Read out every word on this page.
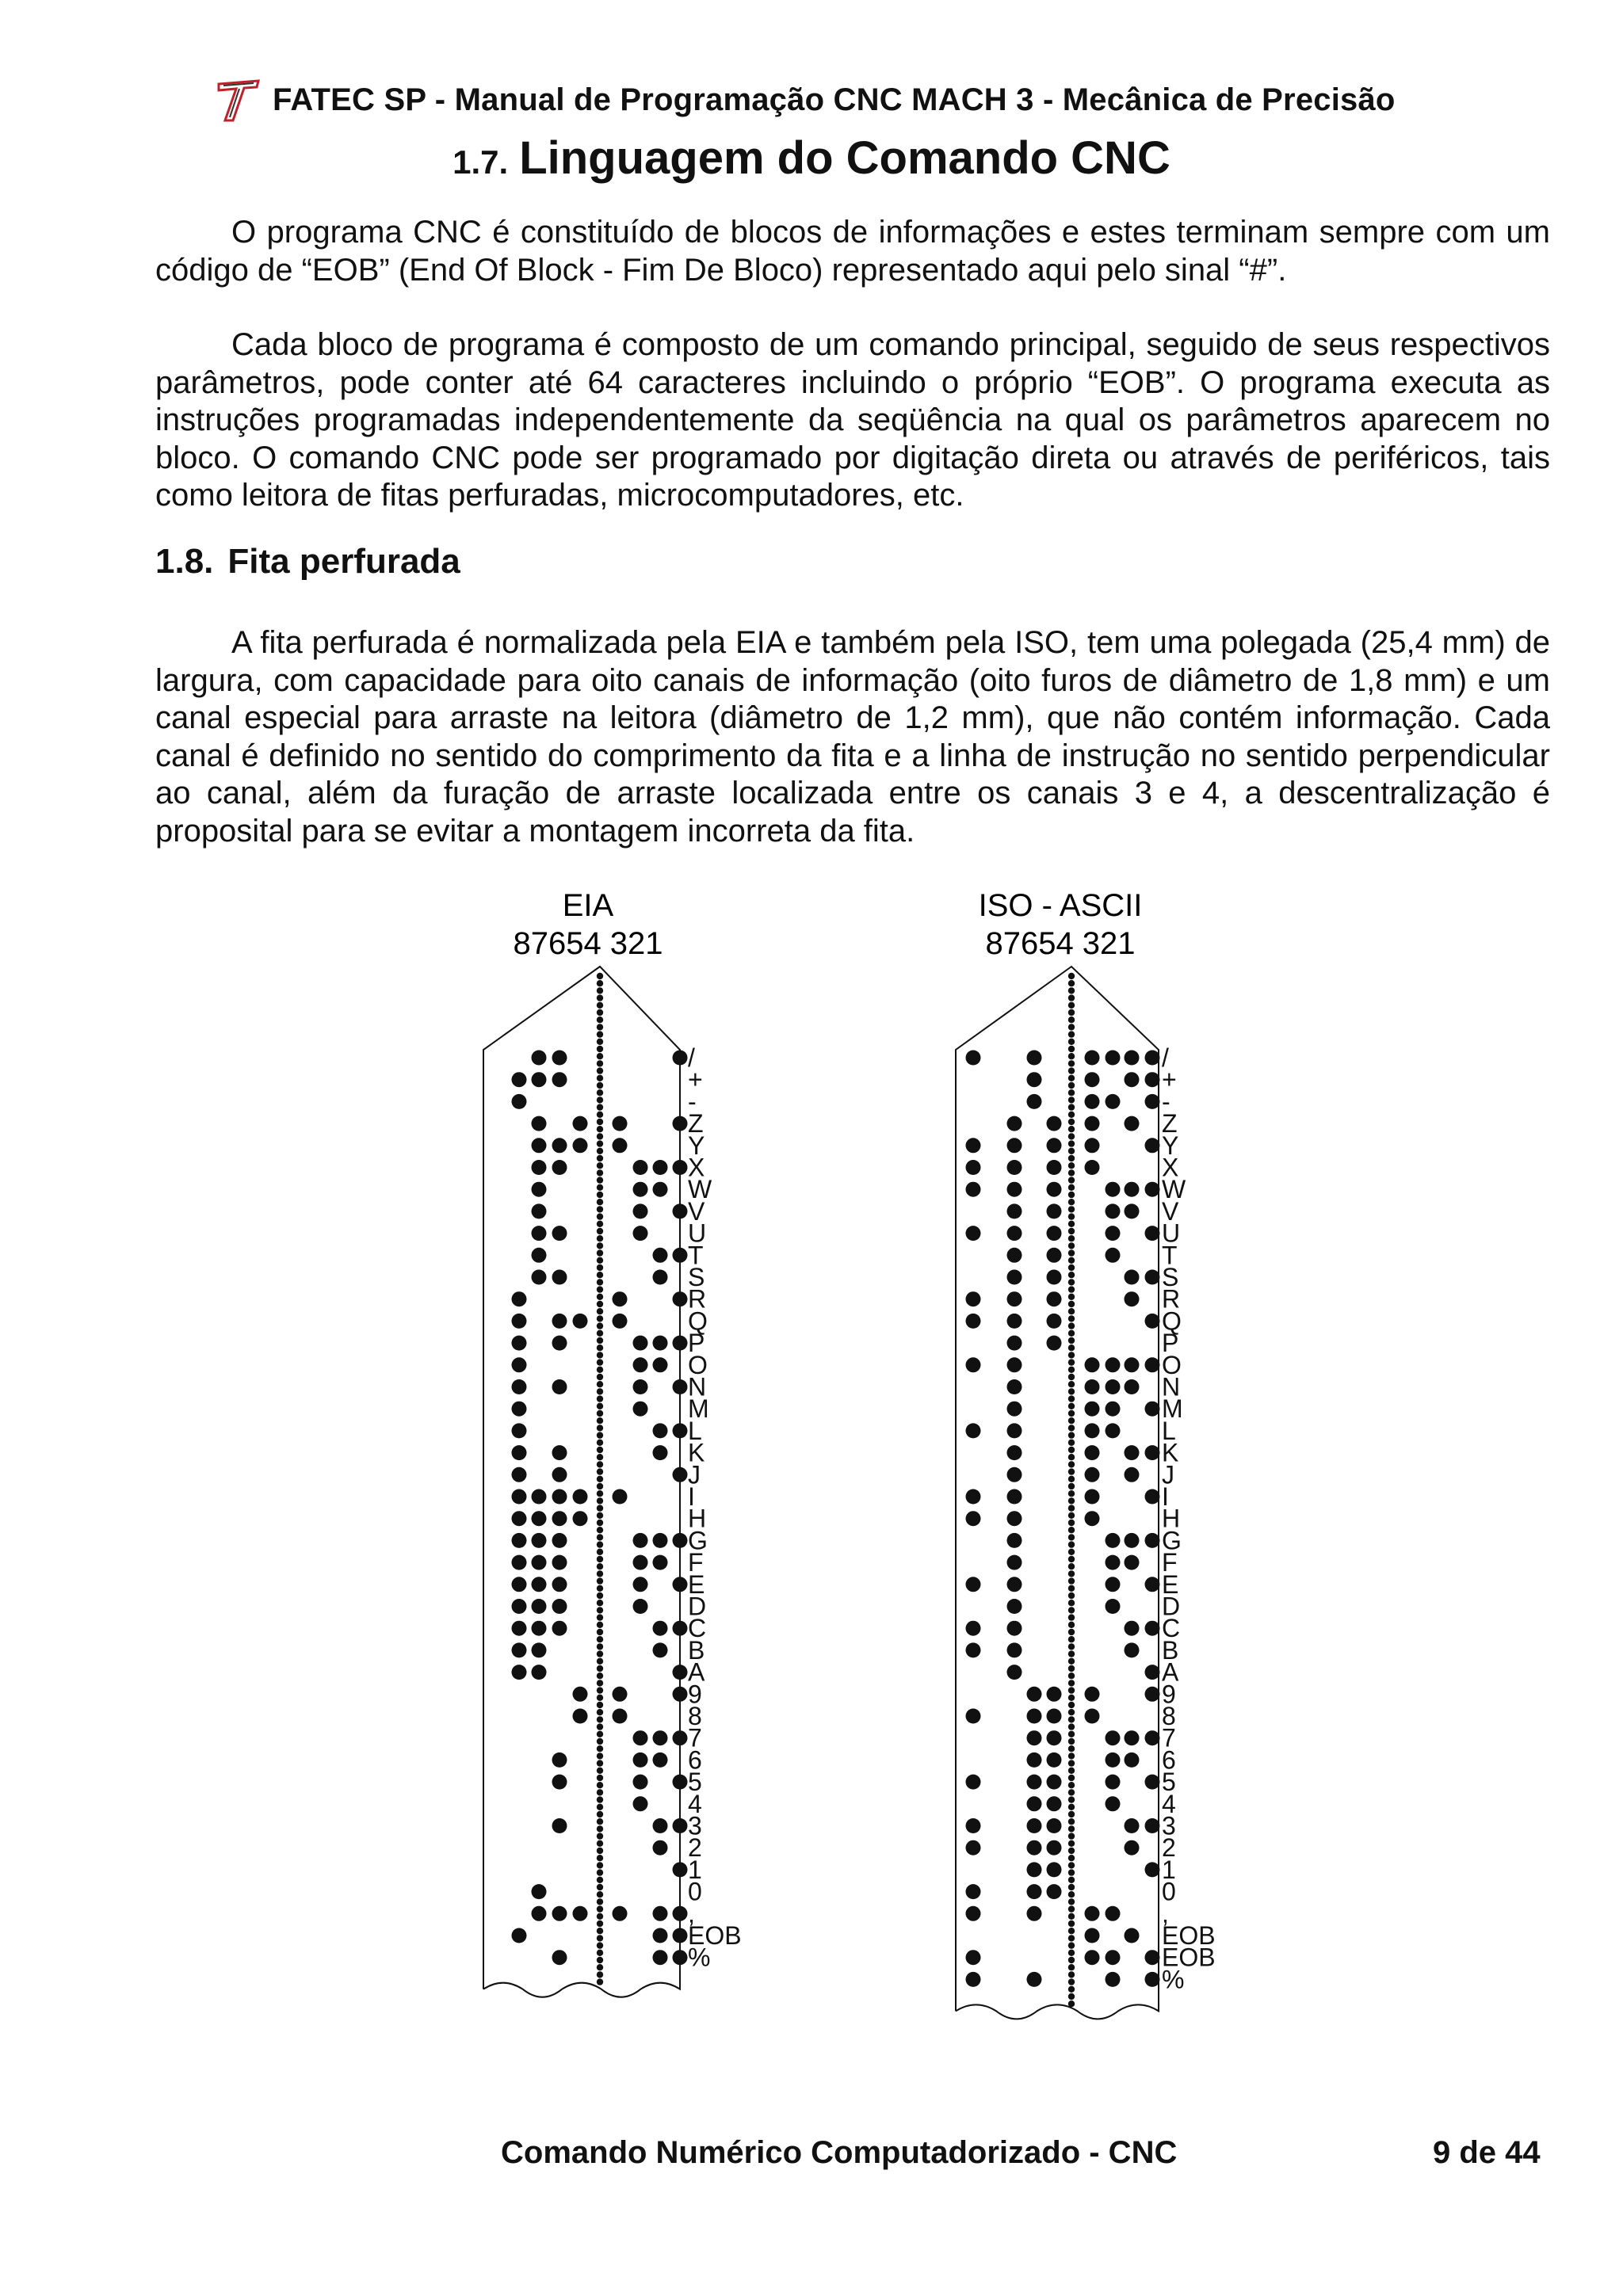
FATEC SP - Manual de Programação CNC MACH 3 - Mecânica de Precisão
1.7. Linguagem do Comando CNC

O programa CNC é constituído de blocos de informações e estes terminam sempre com um código de “EOB” (End Of Block - Fim De Bloco) representado aqui pelo sinal “#”.

Cada bloco de programa é composto de um comando principal, seguido de seus respectivos parâmetros, pode conter até 64 caracteres incluindo o próprio “EOB”. O programa executa as instruções programadas independentemente da seqüência na qual os parâmetros aparecem no bloco. O comando CNC pode ser programado por digitação direta ou através de periféricos, tais como leitora de fitas perfuradas, microcomputadores, etc.

1.8. Fita perfurada

A fita perfurada é normalizada pela EIA e também pela ISO, tem uma polegada (25,4 mm) de largura, com capacidade para oito canais de informação (oito furos de diâmetro de 1,8 mm) e um canal especial para arraste na leitora (diâmetro de 1,2 mm), que não contém informação. Cada canal é definido no sentido do comprimento da fita e a linha de instrução no sentido perpendicular ao canal, além da furação de arraste localizada entre os canais 3 e 4, a descentralização é proposital para se evitar a montagem incorreta da fita.

EIA
87654 321
/
+
-
Z
Y
X
W
V
U
T
S
R
Q
P
O
N
M
L
K
J
I
H
G
F
E
D
C
B
A
9
8
7
6
5
4
3
2
1
0
,
EOB
%
ISO - ASCII
87654 321
/
+
-
Z
Y
X
W
V
U
T
S
R
Q
P
O
N
M
L
K
J
I
H
G
F
E
D
C
B
A
9
8
7
6
5
4
3
2
1
0
,
EOB
EOB
%
Comando Numérico Computadorizado - CNC	9 de 44
